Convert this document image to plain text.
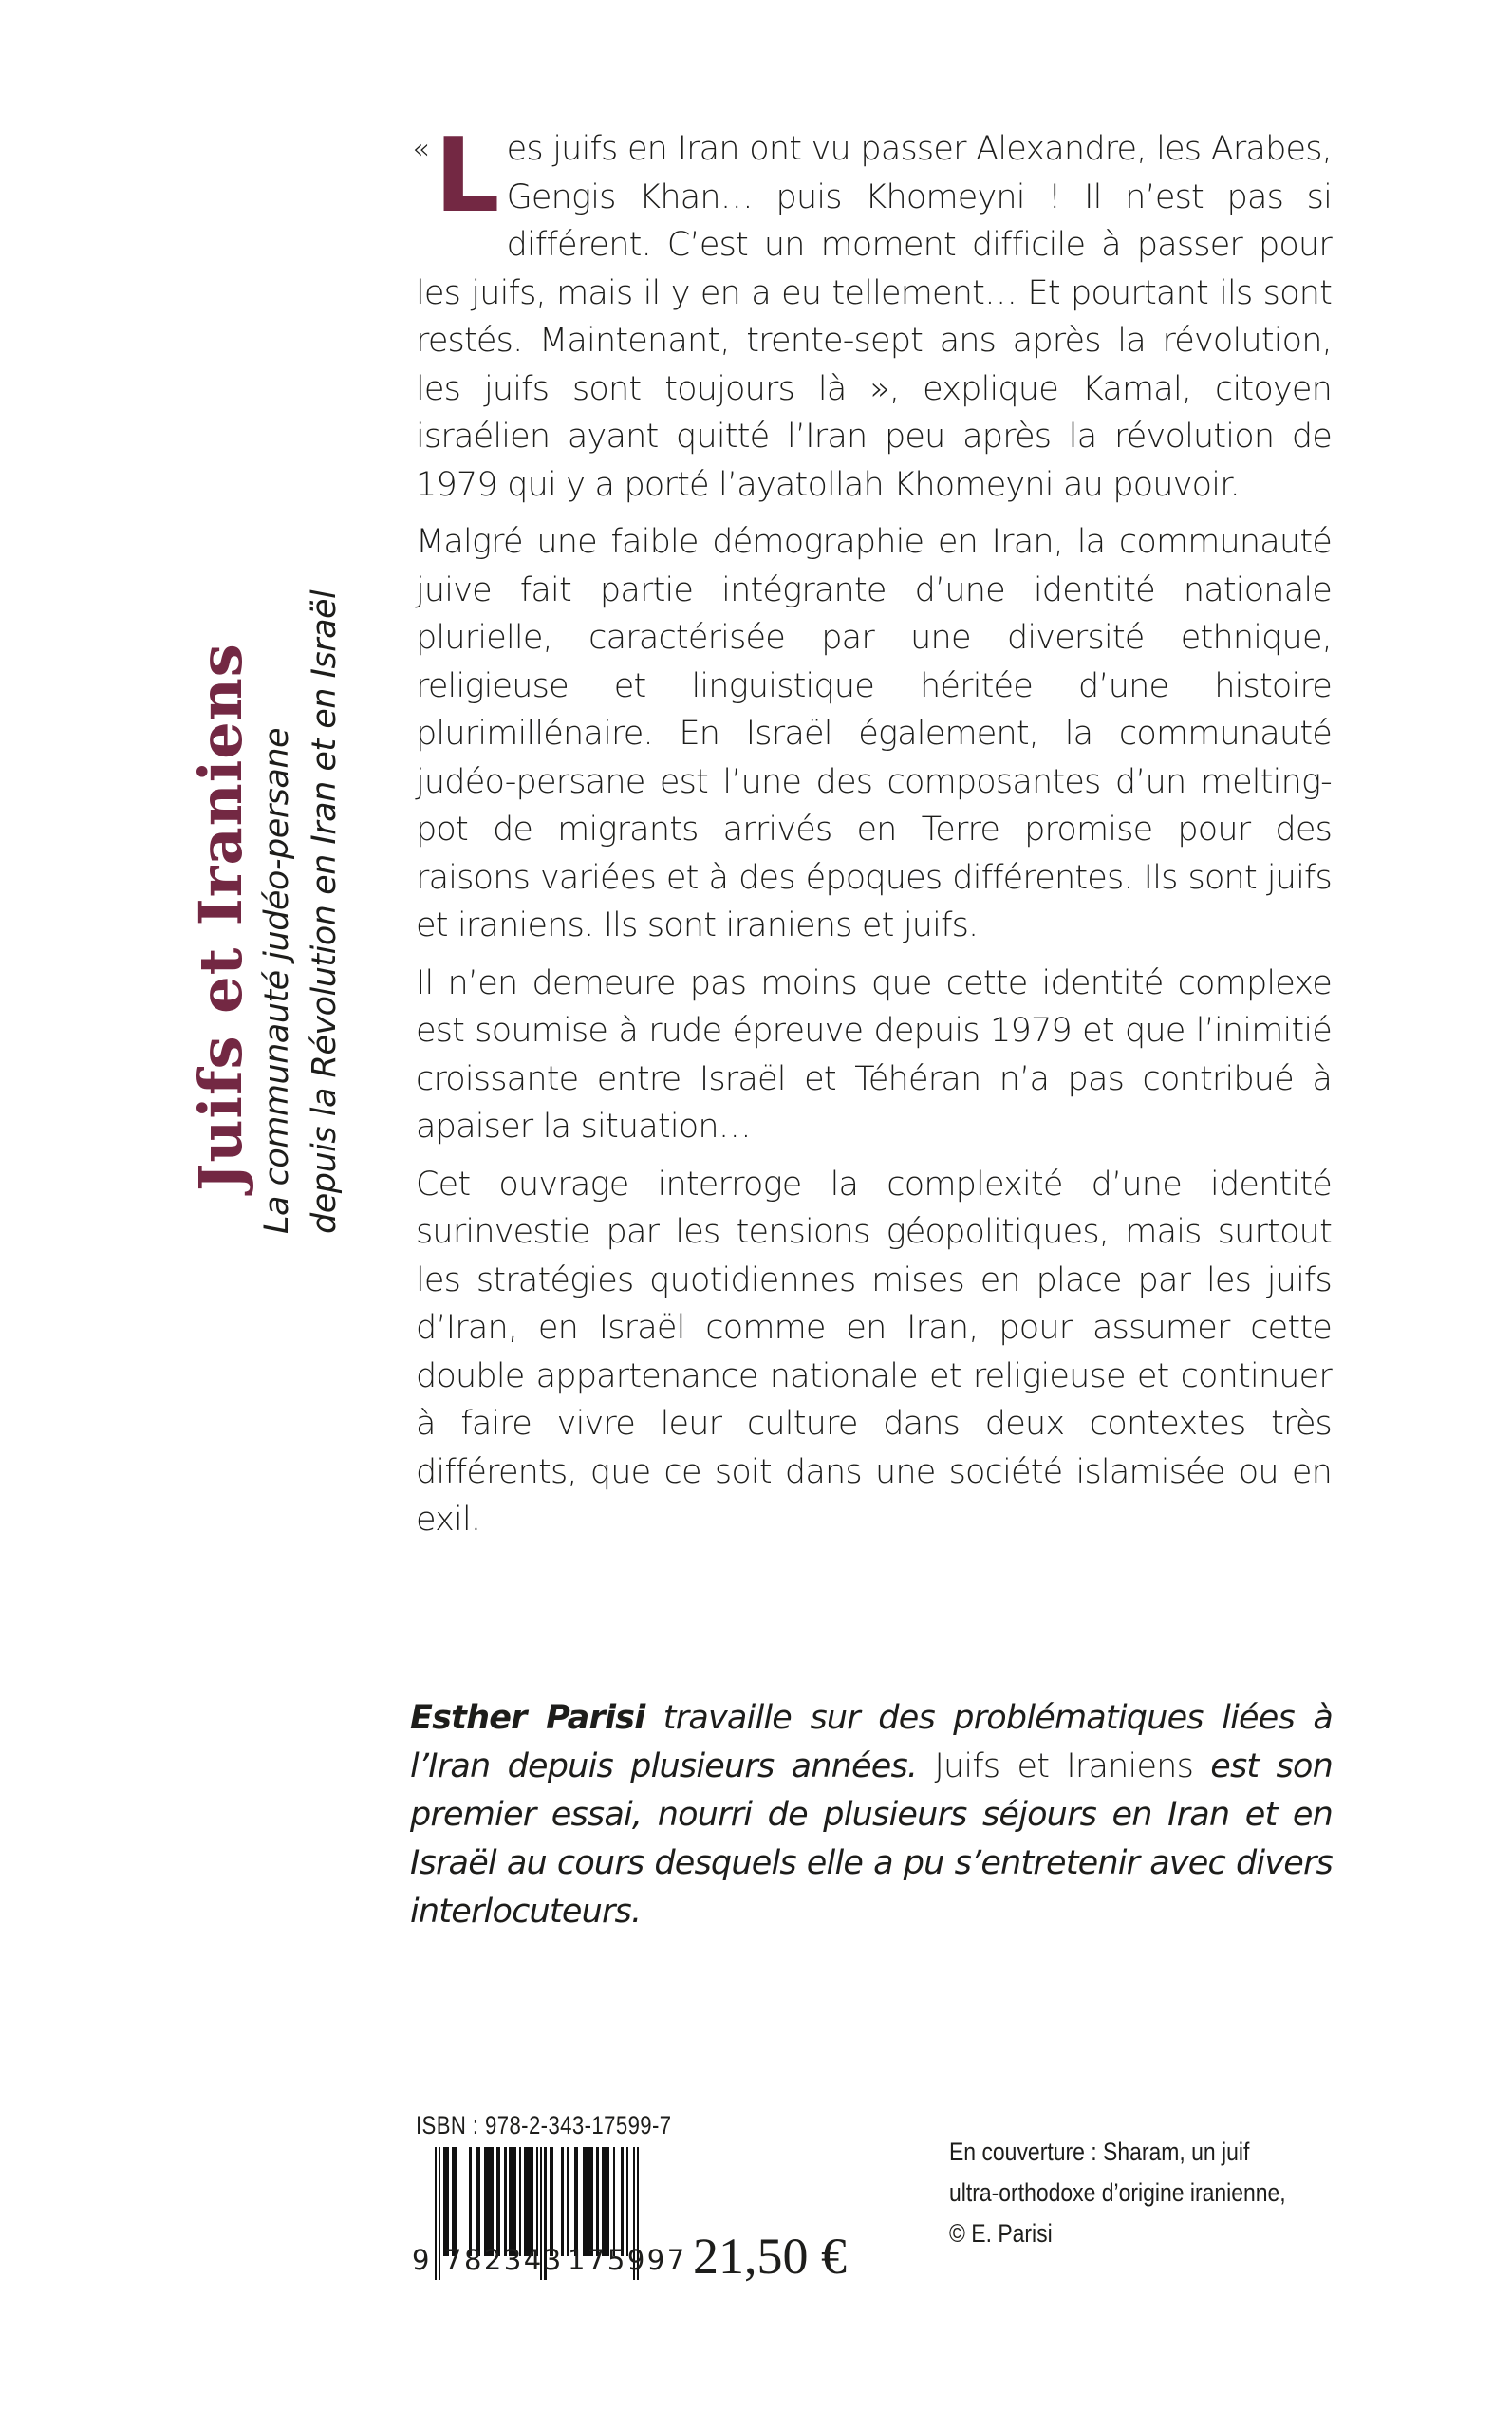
Juifs et Iraniens La communauté judéo-persane depuis la Révolution en Iran et en Israël

« L es juifs en Iran ont vu passer Alexandre, les Arabes, Gengis Khan… puis Khomeyni ! Il n’est pas si différent. C’est un moment difficile à passer pour les juifs, mais il y en a eu tellement… Et pourtant ils sont restés. Maintenant, trente-sept ans après la révolution, les juifs sont toujours là », explique Kamal, citoyen israélien ayant quitté l’Iran peu après la révolution de 1979 qui y a porté l’ayatollah Khomeyni au pouvoir.

Malgré une faible démographie en Iran, la communauté juive fait partie intégrante d’une identité nationale plurielle, caractérisée par une diversité ethnique, religieuse et linguistique héritée d’une histoire plurimillénaire. En Israël également, la communauté judéo-persane est l’une des composantes d’un melting-pot de migrants arrivés en Terre promise pour des raisons variées et à des époques différentes. Ils sont juifs et iraniens. Ils sont iraniens et juifs.

Il n’en demeure pas moins que cette identité complexe est soumise à rude épreuve depuis 1979 et que l’inimitié croissante entre Israël et Téhéran n’a pas contribué à apaiser la situation…

Cet ouvrage interroge la complexité d’une identité surinvestie par les tensions géopolitiques, mais surtout les stratégies quotidiennes mises en place par les juifs d’Iran, en Israël comme en Iran, pour assumer cette double appartenance nationale et religieuse et continuer à faire vivre leur culture dans deux contextes très différents, que ce soit dans une société islamisée ou en exil.

Esther Parisi travaille sur des problématiques liées à l’Iran depuis plusieurs années. Juifs et Iraniens est son premier essai, nourri de plusieurs séjours en Iran et en Israël au cours desquels elle a pu s’entretenir avec divers interlocuteurs.

ISBN : 978-2-343-17599-7
9 782343 175997 21,50 €
En couverture : Sharam, un juif
ultra-orthodoxe d’origine iranienne,
© E. Parisi
